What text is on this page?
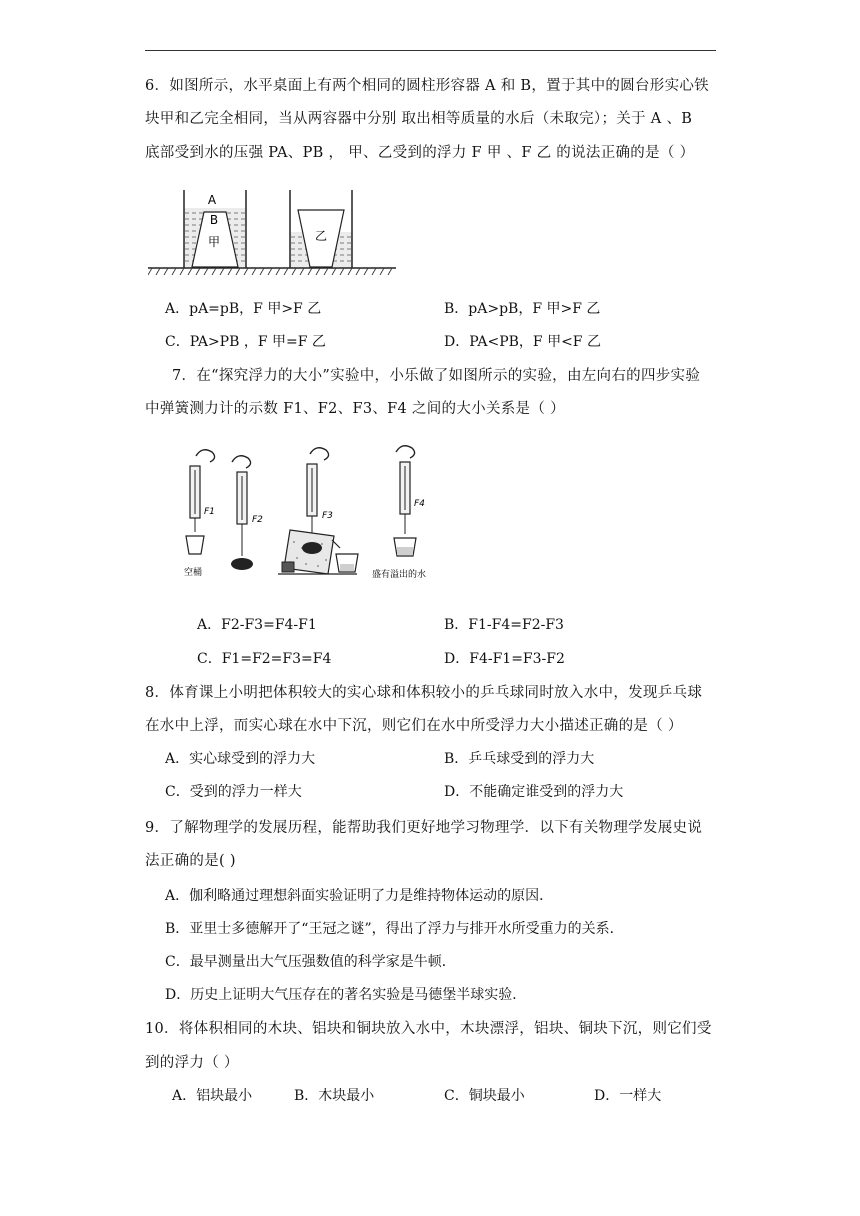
6．如图所示，水平桌面上有两个相同的圆柱形容器 A 和 B，置于其中的圆台形实心铁
块甲和乙完全相同，当从两容器中分别 取出相等质量的水后（未取完）；关于 A 、B
底部受到水的压强 PA、PB ， 甲、乙受到的浮力 F 甲 、F 乙 的说法正确的是（ ）
A
B
甲	乙
A．pA=pB，F 甲>F 乙	B．pA>pB，F 甲>F 乙
C．PA>PB ，F 甲=F 乙	D．PA<PB，F 甲<F 乙
7．在“探究浮力的大小”实验中，小乐做了如图所示的实验，由左向右的四步实验
中弹簧测力计的示数 F1、F2、F3、F4 之间的大小关系是（ ）
F1
空桶
F2	F3
F4
盛有溢出的水
A．F2-F3=F4-F1	B．F1-F4=F2-F3
C．F1=F2=F3=F4	D．F4-F1=F3-F2
8．体育课上小明把体积较大的实心球和体积较小的乒乓球同时放入水中，发现乒乓球
在水中上浮，而实心球在水中下沉，则它们在水中所受浮力大小描述正确的是（ ）
A．实心球受到的浮力大	B．乒乓球受到的浮力大
C．受到的浮力一样大	D．不能确定谁受到的浮力大
9．了解物理学的发展历程，能帮助我们更好地学习物理学．以下有关物理学发展史说
法正确的是( )
A．伽利略通过理想斜面实验证明了力是维持物体运动的原因．
B．亚里士多德解开了“王冠之谜”，得出了浮力与排开水所受重力的关系．
C．最早测量出大气压强数值的科学家是牛顿．
D．历史上证明大气压存在的著名实验是马德堡半球实验．
10．将体积相同的木块、铝块和铜块放入水中，木块漂浮，铝块、铜块下沉，则它们受
到的浮力（ ）
A．铝块最小	B．木块最小	C．铜块最小	D．一样大
